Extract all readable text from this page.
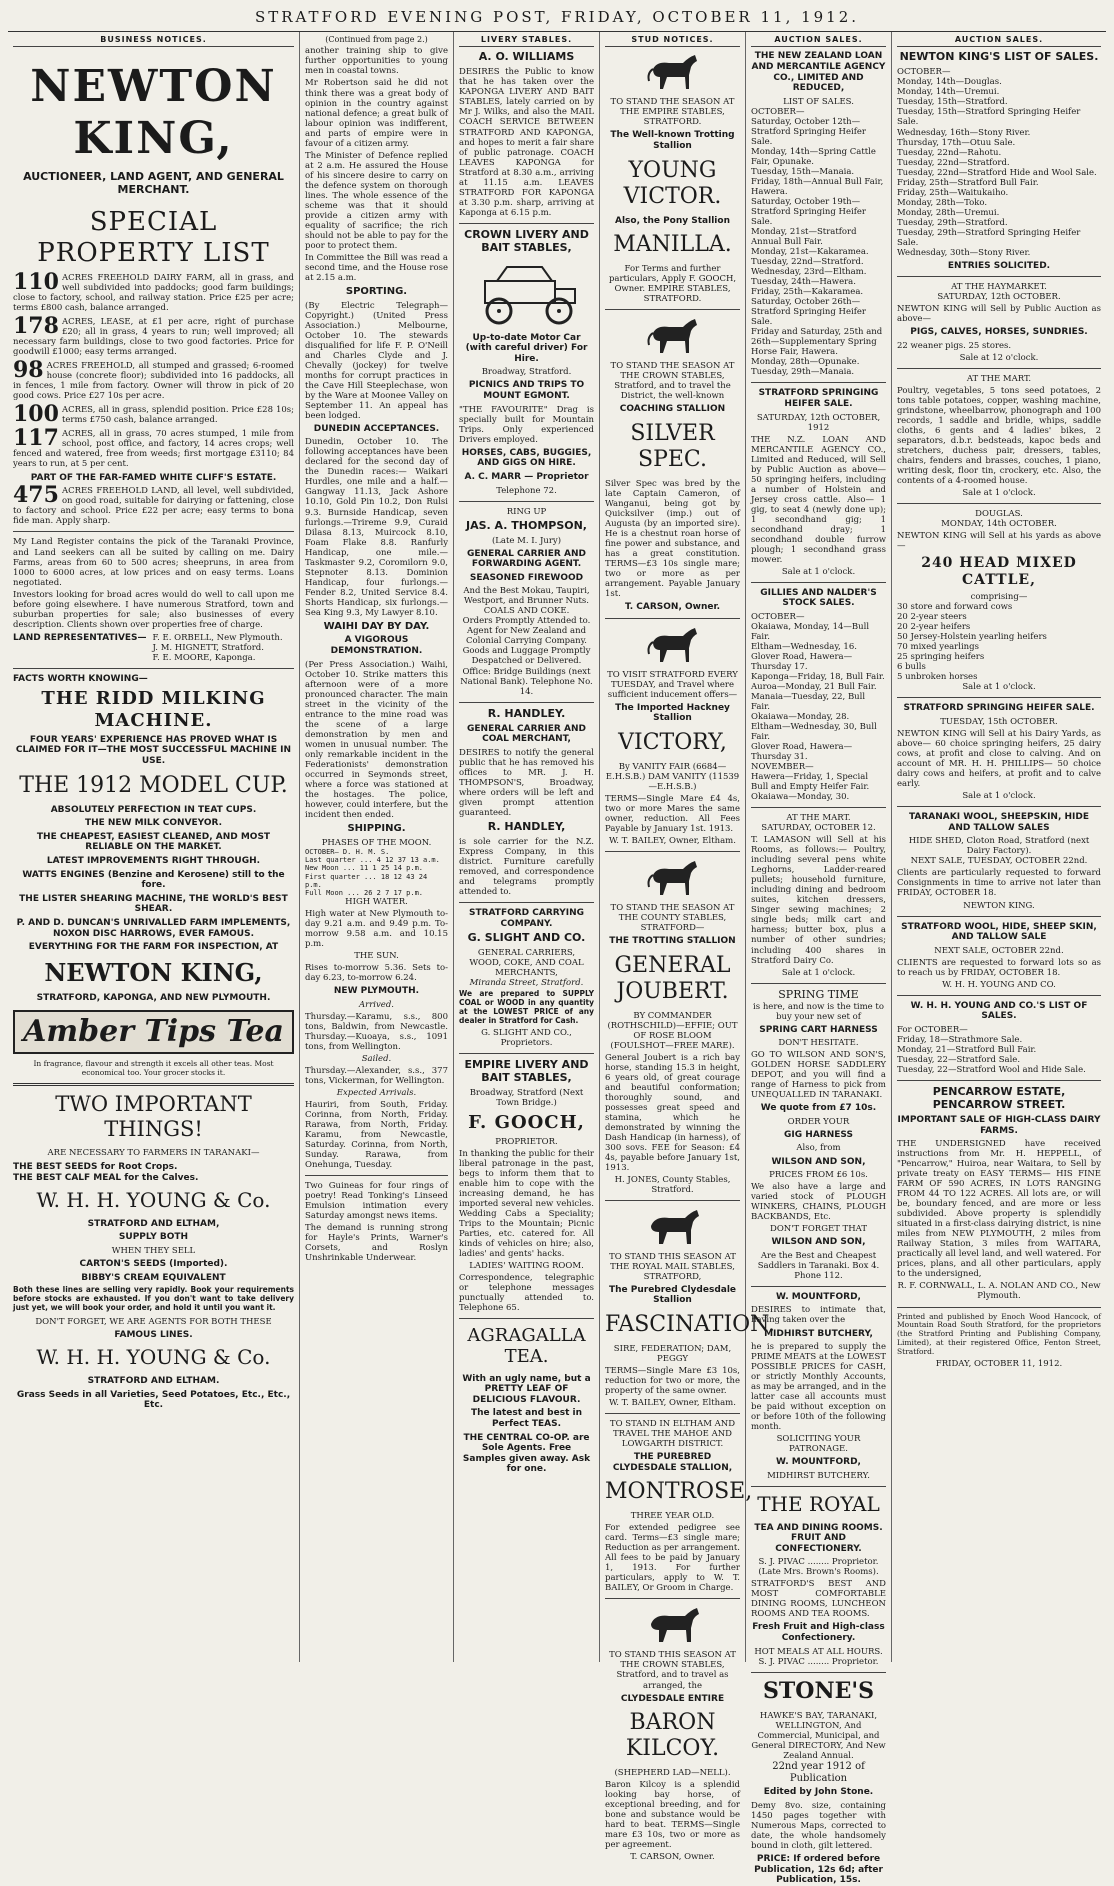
STRATFORD EVENING POST, FRIDAY, OCTOBER 11, 1912.
BUSINESS NOTICES.
NEWTON KING,
AUCTIONEER, LAND AGENT, AND GENERAL MERCHANT.
SPECIAL PROPERTY LIST
110 ACRES FREEHOLD DAIRY FARM, all in grass, and well subdivided into paddocks; good farm buildings; close to factory, school, and railway station. Price £25 per acre; terms £800 cash, balance arranged.
178 ACRES, LEASE, at £1 per acre, right of purchase £20; all in grass, 4 years to run; well improved; all necessary farm buildings, close to two good factories. Price for goodwill £1000; easy terms arranged.
98 ACRES FREEHOLD, all stumped and grassed; 6-roomed house (concrete floor); subdivided into 16 paddocks, all in fences, 1 mile from factory. Owner will throw in pick of 20 good cows. Price £27 10s per acre.
100 ACRES, all in grass, splendid position. Price £28 10s; terms £750 cash, balance arranged.
117 ACRES, all in grass, 70 acres stumped, 1 mile from school, post office, and factory, 14 acres crops; well fenced and watered, free from weeds; first mortgage £3110; 84 years to run, at 5 per cent.
PART OF THE FAR-FAMED WHITE CLIFF'S ESTATE.
475 ACRES FREEHOLD LAND, all level, well subdivided, on good road, suitable for dairying or fattening, close to factory and school. Price £22 per acre; easy terms to bona fide man. Apply sharp.
My Land Register contains the pick of the Taranaki Province, and Land seekers can all be suited by calling on me. Dairy Farms, areas from 60 to 500 acres; sheepruns, in area from 1000 to 6000 acres, at low prices and on easy terms. Loans negotiated.
Investors looking for broad acres would do well to call upon me before going elsewhere. I have numerous Stratford, town and suburban properties for sale; also businesses of every description. Clients shown over properties free of charge.
LAND REPRESENTATIVES— F. E. ORBELL, New Plymouth.
J. M. HIGNETT, Stratford.
F. E. MOORE, Kaponga.
FACTS WORTH KNOWING—
THE RIDD MILKING MACHINE.
FOUR YEARS' EXPERIENCE HAS PROVED WHAT IS CLAIMED FOR IT—THE MOST SUCCESSFUL MACHINE IN USE.
THE 1912 MODEL CUP.
ABSOLUTELY PERFECTION IN TEAT CUPS.
THE NEW MILK CONVEYOR.
THE CHEAPEST, EASIEST CLEANED, AND MOST RELIABLE ON THE MARKET.
LATEST IMPROVEMENTS RIGHT THROUGH.
WATTS ENGINES (Benzine and Kerosene) still to the fore.
THE LISTER SHEARING MACHINE, THE WORLD'S BEST SHEAR.
P. AND D. DUNCAN'S UNRIVALLED FARM IMPLEMENTS, NOXON DISC HARROWS, EVER FAMOUS.
EVERYTHING FOR THE FARM FOR INSPECTION, AT
NEWTON KING,
STRATFORD, KAPONGA, AND NEW PLYMOUTH.
Amber Tips Tea
In fragrance, flavour and strength it excels all other teas. Most economical too. Your grocer stocks it.
TWO IMPORTANT THINGS!
ARE NECESSARY TO FARMERS IN TARANAKI—
THE BEST SEEDS for Root Crops.
THE BEST CALF MEAL for the Calves.
W. H. H. YOUNG & Co.
STRATFORD AND ELTHAM,
SUPPLY BOTH
WHEN THEY SELL
CARTON'S SEEDS (Imported).
BIBBY'S CREAM EQUIVALENT
Both these lines are selling very rapidly. Book your requirements before stocks are exhausted. If you don't want to take delivery just yet, we will book your order, and hold it until you want it.
DON'T FORGET, WE ARE AGENTS FOR BOTH THESE
FAMOUS LINES.
W. H. H. YOUNG & Co.
STRATFORD AND ELTHAM.
Grass Seeds in all Varieties, Seed Potatoes, Etc., Etc., Etc.
(Continued from page 2.)
another training ship to give further opportunities to young men in coastal towns.
Mr Robertson said he did not think there was a great body of opinion in the country against national defence; a great bulk of labour opinion was indifferent, and parts of empire were in favour of a citizen army.
The Minister of Defence replied at 2 a.m. He assured the House of his sincere desire to carry on the defence system on thorough lines. The whole essence of the scheme was that it should provide a citizen army with equality of sacrifice; the rich should not be able to pay for the poor to protect them.
In Committee the Bill was read a second time, and the House rose at 2.15 a.m.
SPORTING.
(By Electric Telegraph—Copyright.) (United Press Association.) Melbourne, October 10. The stewards disqualified for life F. P. O'Neill and Charles Clyde and J. Chevally (jockey) for twelve months for corrupt practices in the Cave Hill Steeplechase, won by the Ware at Moonee Valley on September 11. An appeal has been lodged.
DUNEDIN ACCEPTANCES.
Dunedin, October 10. The following acceptances have been declared for the second day of the Dunedin races:— Waikari Hurdles, one mile and a half.—Gangway 11.13, Jack Ashore 10.10, Gold Pin 10.2, Don Rulsi 9.3. Burnside Handicap, seven furlongs.—Trireme 9.9, Curaid Dilasa 8.13, Muircock 8.10, Foam Flake 8.8. Ranfurly Handicap, one mile.—Taskmaster 9.2, Coromilorn 9.0, Stepnoter 8.13. Dominion Handicap, four furlongs.—Fender 8.2, United Service 8.4. Shorts Handicap, six furlongs.—Sea King 9.3, My Lawyer 8.10.
WAIHI DAY BY DAY.
A VIGOROUS DEMONSTRATION.
(Per Press Association.) Waihi, October 10. Strike matters this afternoon were of a more pronounced character. The main street in the vicinity of the entrance to the mine road was the scene of a large demonstration by men and women in unusual number. The only remarkable incident in the Federationists' demonstration occurred in Seymonds street, where a force was stationed at the hostages. The police, however, could interfere, but the incident then ended.
SHIPPING.
PHASES OF THE MOON.
OCTOBER— D. H. M. S.
Last quarter ... 4 12 37 13 a.m.
New Moon ... 11 1 25 14 p.m.
First quarter ... 18 12 43 24 p.m.
Full Moon ... 26 2 7 17 p.m.
HIGH WATER.
High water at New Plymouth to-day 9.21 a.m. and 9.49 p.m. To-morrow 9.58 a.m. and 10.15 p.m.
THE SUN.
Rises to-morrow 5.36. Sets to-day 6.23, to-morrow 6.24.
NEW PLYMOUTH.
Arrived.
Thursday.—Karamu, s.s., 800 tons, Baldwin, from Newcastle. Thursday.—Kuoaya, s.s., 1091 tons, from Wellington.
Sailed.
Thursday.—Alexander, s.s., 377 tons, Vickerman, for Wellington.
Expected Arrivals.
Hauriri, from South, Friday. Corinna, from North, Friday. Rarawa, from North, Friday. Karamu, from Newcastle, Saturday. Corinna, from North, Sunday. Rarawa, from Onehunga, Tuesday.
Two Guineas for four rings of poetry! Read Tonking's Linseed Emulsion intimation every Saturday amongst news items.
The demand is running strong for Hayle's Prints, Warner's Corsets, and Roslyn Unshrinkable Underwear.
LIVERY STABLES.
A. O. WILLIAMS
DESIRES the Public to know that he has taken over the KAPONGA LIVERY AND BAIT STABLES, lately carried on by Mr J. Wilks, and also the MAIL COACH SERVICE BETWEEN STRATFORD AND KAPONGA, and hopes to merit a fair share of public patronage. COACH LEAVES KAPONGA for Stratford at 8.30 a.m., arriving at 11.15 a.m. LEAVES STRATFORD FOR KAPONGA at 3.30 p.m. sharp, arriving at Kaponga at 6.15 p.m.
CROWN LIVERY AND BAIT STABLES,
Up-to-date Motor Car (with careful driver) For Hire.
Broadway, Stratford.
PICNICS AND TRIPS TO MOUNT EGMONT.
"THE FAVOURITE" Drag is specially built for Mountain Trips. Only experienced Drivers employed.
HORSES, CABS, BUGGIES, AND GIGS ON HIRE.
A. C. MARR — Proprietor
Telephone 72.
RING UP
JAS. A. THOMPSON,
(Late M. I. Jury)
GENERAL CARRIER AND FORWARDING AGENT.
SEASONED FIREWOOD
And the Best Mokau, Taupiri, Westport, and Brunner Nuts.
COALS AND COKE.
Orders Promptly Attended to.
Agent for New Zealand and Colonial Carrying Company.
Goods and Luggage Promptly Despatched or Delivered.
Office: Bridge Buildings (next National Bank). Telephone No. 14.
R. HANDLEY.
GENERAL CARRIER AND COAL MERCHANT,
DESIRES to notify the general public that he has removed his offices to MR. J. H. THOMPSON'S, Broadway, where orders will be left and given prompt attention guaranteed.
R. HANDLEY,
is sole carrier for the N.Z. Express Company, in this district. Furniture carefully removed, and correspondence and telegrams promptly attended to.
STRATFORD CARRYING COMPANY.
G. SLIGHT AND CO.
GENERAL CARRIERS,
WOOD, COKE, AND COAL MERCHANTS,
Miranda Street, Stratford.
We are prepared to SUPPLY COAL or WOOD in any quantity at the LOWEST PRICE of any dealer in Stratford for Cash.
G. SLIGHT AND CO., Proprietors.
EMPIRE LIVERY AND BAIT STABLES,
Broadway, Stratford (Next Town Bridge.)
F. GOOCH,
PROPRIETOR.
In thanking the public for their liberal patronage in the past, begs to inform them that to enable him to cope with the increasing demand, he has imported several new vehicles. Wedding Cabs a Speciality; Trips to the Mountain; Picnic Parties, etc. catered for. All kinds of vehicles on hire; also, ladies' and gents' hacks.
LADIES' WAITING ROOM.
Correspondence, telegraphic or telephone messages punctually attended to. Telephone 65.
AGRAGALLA TEA.
With an ugly name, but a PRETTY LEAF OF DELICIOUS FLAVOUR.
The latest and best in Perfect TEAS.
THE CENTRAL CO-OP. are Sole Agents. Free Samples given away. Ask for one.
STUD NOTICES.
TO STAND THE SEASON AT THE EMPIRE STABLES, STRATFORD.
The Well-known Trotting Stallion
YOUNG VICTOR.
Also, the Pony Stallion
MANILLA.
For Terms and further particulars, Apply F. GOOCH, Owner. EMPIRE STABLES, STRATFORD.
TO STAND THE SEASON AT THE CROWN STABLES, Stratford, and to travel the District, the well-known
COACHING STALLION
SILVER SPEC.
Silver Spec was bred by the late Captain Cameron, of Wanganui, being got by Quicksilver (imp.) out of Augusta (by an imported sire). He is a chestnut roan horse of fine power and substance, and has a great constitution. TERMS—£3 10s single mare; two or more as per arrangement. Payable January 1st.
T. CARSON, Owner.
TO VISIT STRATFORD EVERY TUESDAY, and Travel where sufficient inducement offers—
The Imported Hackney Stallion
VICTORY,
By VANITY FAIR (6684—E.H.S.B.) DAM VANITY (11539—E.H.S.B.)
TERMS—Single Mare £4 4s, two or more Mares the same owner, reduction. All Fees Payable by January 1st. 1913.
W. T. BAILEY, Owner, Eltham.
TO STAND THE SEASON AT THE COUNTY STABLES, STRATFORD—
THE TROTTING STALLION
GENERAL JOUBERT.
BY COMMANDER (ROTHSCHILD)—EFFIE; OUT OF ROSE BLOOM (FOULSHOT—FREE MARE).
General Joubert is a rich bay horse, standing 15.3 in height, 6 years old, of great courage and beautiful conformation; thoroughly sound, and possesses great speed and stamina, which he demonstrated by winning the Dash Handicap (in harness), of 300 sovs. FEE for Season: £4 4s, payable before January 1st, 1913.
H. JONES, County Stables, Stratford.
TO STAND THIS SEASON AT THE ROYAL MAIL STABLES, STRATFORD,
The Purebred Clydesdale Stallion
FASCINATION.
SIRE, FEDERATION; DAM, PEGGY
TERMS—Single Mare £3 10s, reduction for two or more, the property of the same owner.
W. T. BAILEY, Owner, Eltham.
TO STAND IN ELTHAM AND TRAVEL THE MAHOE AND LOWGARTH DISTRICT.
THE PUREBRED CLYDESDALE STALLION,
MONTROSE,
THREE YEAR OLD.
For extended pedigree see card. Terms—£3 single mare; Reduction as per arrangement. All fees to be paid by January 1, 1913. For further particulars, apply to W. T. BAILEY, Or Groom in Charge.
TO STAND THIS SEASON AT THE CROWN STABLES, Stratford, and to travel as arranged, the
CLYDESDALE ENTIRE
BARON KILCOY.
(SHEPHERD LAD—NELL).
Baron Kilcoy is a splendid looking bay horse, of exceptional breeding, and for bone and substance would be hard to beat. TERMS—Single mare £3 10s, two or more as per agreement.
T. CARSON, Owner.
AUCTION SALES.
THE NEW ZEALAND LOAN AND MERCANTILE AGENCY CO., LIMITED AND REDUCED,
LIST OF SALES.
OCTOBER—
Saturday, October 12th—Stratford Springing Heifer Sale.
Monday, 14th—Spring Cattle Fair, Opunake.
Tuesday, 15th—Manaia.
Friday, 18th—Annual Bull Fair, Hawera.
Saturday, October 19th—Stratford Springing Heifer Sale.
Monday, 21st—Stratford Annual Bull Fair.
Monday, 21st—Kakaramea.
Tuesday, 22nd—Stratford.
Wednesday, 23rd—Eltham.
Tuesday, 24th—Hawera.
Friday, 25th—Kakaramea.
Saturday, October 26th—Stratford Springing Heifer Sale.
Friday and Saturday, 25th and 26th—Supplementary Spring Horse Fair, Hawera.
Monday, 28th—Opunake.
Tuesday, 29th—Manaia.
STRATFORD SPRINGING HEIFER SALE.
SATURDAY, 12th OCTOBER, 1912
THE N.Z. LOAN AND MERCANTILE AGENCY CO., Limited and Reduced, will Sell by Public Auction as above— 50 springing heifers, including a number of Holstein and Jersey cross cattle. Also— 1 gig, to seat 4 (newly done up); 1 secondhand gig; 1 secondhand dray; 1 secondhand double furrow plough; 1 secondhand grass mower.
Sale at 1 o'clock.
GILLIES AND NALDER'S STOCK SALES.
OCTOBER—
Okaiawa, Monday, 14—Bull Fair.
Eltham—Wednesday, 16.
Glover Road, Hawera—Thursday 17.
Kaponga—Friday, 18, Bull Fair.
Auroa—Monday, 21 Bull Fair.
Manaia—Tuesday, 22, Bull Fair.
Okaiawa—Monday, 28.
Eltham—Wednesday, 30, Bull Fair.
Glover Road, Hawera—Thursday 31.
NOVEMBER—
Hawera—Friday, 1, Special Bull and Empty Heifer Fair.
Okaiawa—Monday, 30.
AT THE MART.
SATURDAY, OCTOBER 12.
T. LAMASON will Sell at his Rooms, as follows:— Poultry, including several pens white Leghorns, Ladder-reared pullets; household furniture, including dining and bedroom suites, kitchen dressers, Singer sewing machines; 2 single beds; milk cart and harness; butter box, plus a number of other sundries; including 400 shares in Stratford Dairy Co.
Sale at 1 o'clock.
SPRING TIME
is here, and now is the time to buy your new set of
SPRING CART HARNESS
DON'T HESITATE.
GO TO WILSON AND SON'S, GOLDEN HORSE SADDLERY DEPOT, and you will find a range of Harness to pick from UNEQUALLED IN TARANAKI.
We quote from £7 10s.
ORDER YOUR
GIG HARNESS
Also, from
WILSON AND SON,
PRICES FROM £6 10s.
We also have a large and varied stock of PLOUGH WINKERS, CHAINS, PLOUGH BACKBANDS, Etc.
DON'T FORGET THAT
WILSON AND SON,
Are the Best and Cheapest Saddlers in Taranaki. Box 4. Phone 112.
W. MOUNTFORD,
DESIRES to intimate that, having taken over the
MIDHIRST BUTCHERY,
he is prepared to supply the PRIME MEATS at the LOWEST POSSIBLE PRICES for CASH, or strictly Monthly Accounts, as may be arranged, and in the latter case all accounts must be paid without exception on or before 10th of the following month.
SOLICITING YOUR PATRONAGE.
W. MOUNTFORD,
MIDHIRST BUTCHERY.
THE ROYAL
TEA AND DINING ROOMS. FRUIT AND CONFECTIONERY.
S. J. PIVAC ........ Proprietor.
(Late Mrs. Brown's Rooms).
STRATFORD'S BEST AND MOST COMFORTABLE DINING ROOMS, LUNCHEON ROOMS AND TEA ROOMS.
Fresh Fruit and High-class Confectionery.
HOT MEALS AT ALL HOURS.
S. J. PIVAC ........ Proprietor.
STONE'S
HAWKE'S BAY, TARANAKI, WELLINGTON, And Commercial, Municipal, and General DIRECTORY, And New Zealand Annual.
22nd year 1912 of Publication
Edited by John Stone.
Demy 8vo. size, containing 1450 pages together with Numerous Maps, corrected to date, the whole handsomely bound in cloth, gilt lettered.
PRICE: If ordered before Publication, 12s 6d; after Publication, 15s.
AUCTION SALES.
NEWTON KING'S LIST OF SALES.
OCTOBER—
Monday, 14th—Douglas.
Monday, 14th—Uremui.
Tuesday, 15th—Stratford.
Tuesday, 15th—Stratford Springing Heifer Sale.
Wednesday, 16th—Stony River.
Thursday, 17th—Otuu Sale.
Tuesday, 22nd—Rahotu.
Tuesday, 22nd—Stratford.
Tuesday, 22nd—Stratford Hide and Wool Sale.
Friday, 25th—Stratford Bull Fair.
Friday, 25th—Waitukaiho.
Monday, 28th—Toko.
Monday, 28th—Uremui.
Tuesday, 29th—Stratford.
Tuesday, 29th—Stratford Springing Heifer Sale.
Wednesday, 30th—Stony River.
ENTRIES SOLICITED.
AT THE HAYMARKET.
SATURDAY, 12th OCTOBER.
NEWTON KING will Sell by Public Auction as above—
PIGS, CALVES, HORSES, SUNDRIES.
22 weaner pigs. 25 stores.
Sale at 12 o'clock.
AT THE MART.
Poultry, vegetables, 5 tons seed potatoes, 2 tons table potatoes, copper, washing machine, grindstone, wheelbarrow, phonograph and 100 records, 1 saddle and bridle, whips, saddle cloths, 6 gents and 4 ladies' bikes, 2 separators, d.b.r. bedsteads, kapoc beds and stretchers, duchess pair, dressers, tables, chairs, fenders and brasses, couches, 1 piano, writing desk, floor tin, crockery, etc. Also, the contents of a 4-roomed house.
Sale at 1 o'clock.
DOUGLAS.
MONDAY, 14th OCTOBER.
NEWTON KING will Sell at his yards as above—
240 HEAD MIXED CATTLE,
comprising—
30 store and forward cows
20 2-year steers
20 2-year heifers
50 Jersey-Holstein yearling heifers
70 mixed yearlings
25 springing heifers
6 bulls
5 unbroken horses
Sale at 1 o'clock.
STRATFORD SPRINGING HEIFER SALE.
TUESDAY, 15th OCTOBER.
NEWTON KING will Sell at his Dairy Yards, as above— 60 choice springing heifers, 25 dairy cows, at profit and close to calving. And on account of MR. H. H. PHILLIPS— 50 choice dairy cows and heifers, at profit and to calve early.
Sale at 1 o'clock.
TARANAKI WOOL, SHEEPSKIN, HIDE AND TALLOW SALES
HIDE SHED, Cloton Road, Stratford (next Dairy Factory).
NEXT SALE, TUESDAY, OCTOBER 22nd.
Clients are particularly requested to forward Consignments in time to arrive not later than FRIDAY, OCTOBER 18.
NEWTON KING.
STRATFORD WOOL, HIDE, SHEEP SKIN, AND TALLOW SALE
NEXT SALE, OCTOBER 22nd.
CLIENTS are requested to forward lots so as to reach us by FRIDAY, OCTOBER 18.
W. H. H. YOUNG AND CO.
W. H. H. YOUNG AND CO.'S LIST OF SALES.
For OCTOBER—
Friday, 18—Strathmore Sale.
Monday, 21—Stratford Bull Fair.
Tuesday, 22—Stratford Sale.
Tuesday, 22—Stratford Wool and Hide Sale.
PENCARROW ESTATE, PENCARROW STREET.
IMPORTANT SALE OF HIGH-CLASS DAIRY FARMS.
THE UNDERSIGNED have received instructions from Mr. H. HEPPELL, of "Pencarrow," Huiroa, near Waitara, to Sell by private treaty on EASY TERMS— HIS FINE FARM OF 590 ACRES, IN LOTS RANGING FROM 44 TO 122 ACRES. All lots are, or will be, boundary fenced, and are more or less subdivided. Above property is splendidly situated in a first-class dairying district, is nine miles from NEW PLYMOUTH, 2 miles from Railway Station, 3 miles from WAITARA, practically all level land, and well watered. For prices, plans, and all other particulars, apply to the undersigned,
R. F. CORNWALL, L. A. NOLAN AND CO., New Plymouth.
Printed and published by Enoch Wood Hancock, of Mountain Road South Stratford, for the proprietors (the Stratford Printing and Publishing Company, Limited), at their registered Office, Fenton Street, Stratford.
FRIDAY, OCTOBER 11, 1912.
